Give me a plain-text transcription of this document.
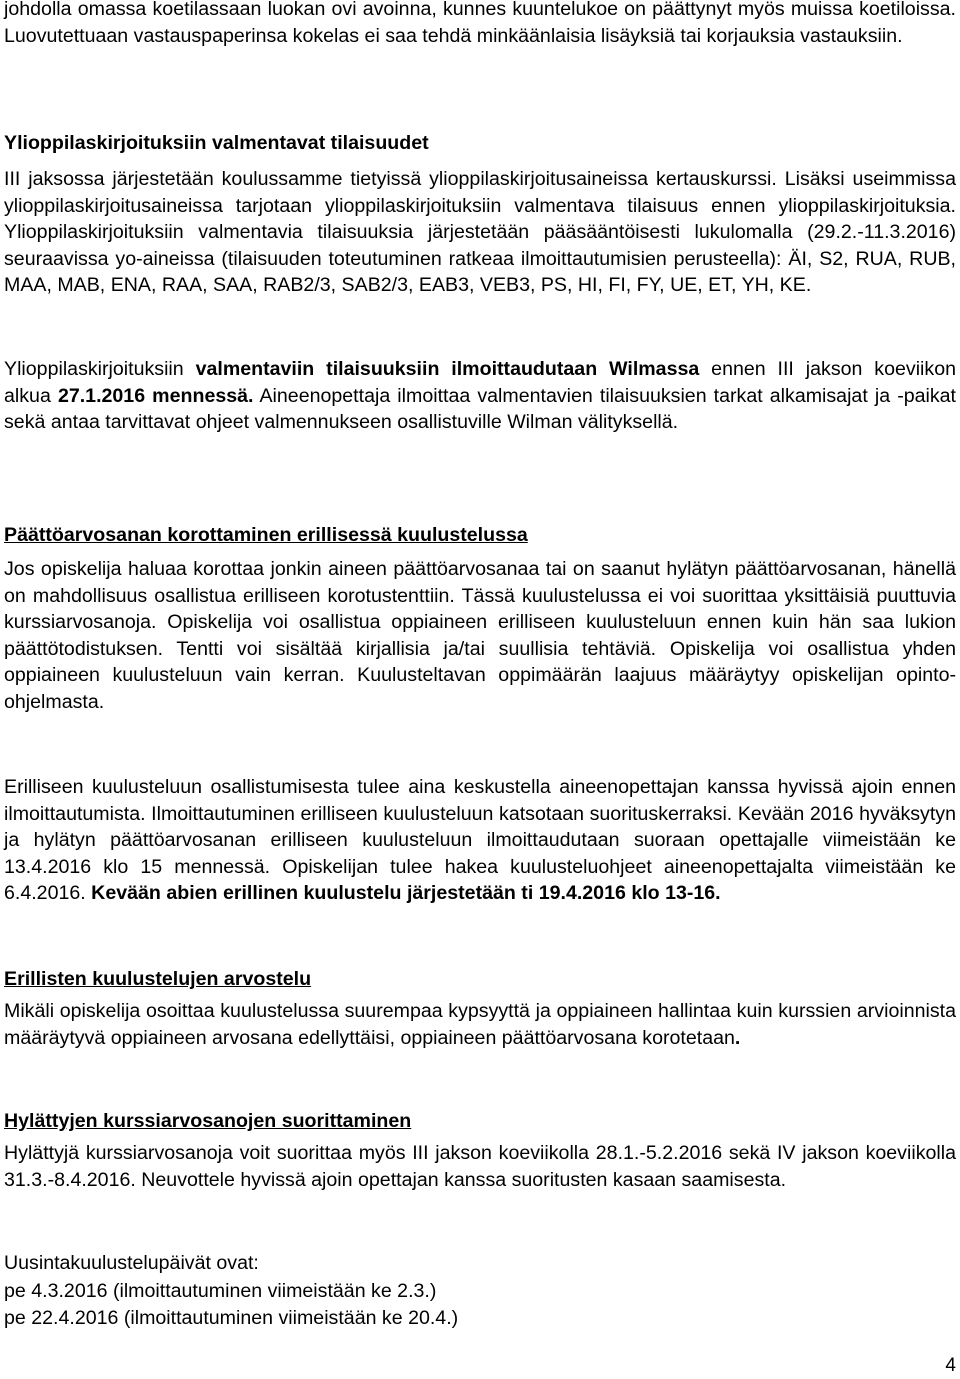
johdolla omassa koetilassaan luokan ovi avoinna, kunnes kuuntelukoe on päättynyt myös muissa koetiloissa. Luovutettuaan vastauspaperinsa kokelas ei saa tehdä minkäänlaisia lisäyksiä tai korjauksia vastauksiin.

Ylioppilaskirjoituksiin valmentavat tilaisuudet

III jaksossa järjestetään koulussamme tietyissä ylioppilaskirjoitusaineissa kertauskurssi. Lisäksi useimmissa ylioppilaskirjoitusaineissa tarjotaan ylioppilaskirjoituksiin valmentava tilaisuus ennen ylioppilaskirjoituksia. Ylioppilaskirjoituksiin valmentavia tilaisuuksia järjestetään pääsääntöisesti lukulomalla (29.2.-11.3.2016) seuraavissa yo-aineissa (tilaisuuden toteutuminen ratkeaa ilmoittautumisien perusteella): ÄI, S2, RUA, RUB, MAA, MAB, ENA, RAA, SAA, RAB2/3, SAB2/3, EAB3, VEB3, PS, HI, FI, FY, UE, ET, YH, KE.

Ylioppilaskirjoituksiin valmentaviin tilaisuuksiin ilmoittaudutaan Wilmassa ennen III jakson koeviikon alkua 27.1.2016 mennessä. Aineenopettaja ilmoittaa valmentavien tilaisuuksien tarkat alkamisajat ja -paikat sekä antaa tarvittavat ohjeet valmennukseen osallistuville Wilman välityksellä.

Päättöarvosanan korottaminen erillisessä kuulustelussa

Jos opiskelija haluaa korottaa jonkin aineen päättöarvosanaa tai on saanut hylätyn päättöarvosanan, hänellä on mahdollisuus osallistua erilliseen korotustenttiin. Tässä kuulustelussa ei voi suorittaa yksittäisiä puuttuvia kurssiarvosanoja. Opiskelija voi osallistua oppiaineen erilliseen kuulusteluun ennen kuin hän saa lukion päättötodistuksen. Tentti voi sisältää kirjallisia ja/tai suullisia tehtäviä. Opiskelija voi osallistua yhden oppiaineen kuulusteluun vain kerran. Kuulusteltavan oppimäärän laajuus määräytyy opiskelijan opinto-ohjelmasta.

Erilliseen kuulusteluun osallistumisesta tulee aina keskustella aineenopettajan kanssa hyvissä ajoin ennen ilmoittautumista. Ilmoittautuminen erilliseen kuulusteluun katsotaan suorituskerraksi. Kevään 2016 hyväksytyn ja hylätyn päättöarvosanan erilliseen kuulusteluun ilmoittaudutaan suoraan opettajalle viimeistään ke 13.4.2016 klo 15 mennessä. Opiskelijan tulee hakea kuulusteluohjeet aineenopettajalta viimeistään ke 6.4.2016. Kevään abien erillinen kuulustelu järjestetään ti 19.4.2016 klo 13-16.

Erillisten kuulustelujen arvostelu

Mikäli opiskelija osoittaa kuulustelussa suurempaa kypsyyttä ja oppiaineen hallintaa kuin kurssien arvioinnista määräytyvä oppiaineen arvosana edellyttäisi, oppiaineen päättöarvosana korotetaan.

Hylättyjen kurssiarvosanojen suorittaminen

Hylättyjä kurssiarvosanoja voit suorittaa myös III jakson koeviikolla 28.1.-5.2.2016 sekä IV jakson koeviikolla 31.3.-8.4.2016. Neuvottele hyvissä ajoin opettajan kanssa suoritusten kasaan saamisesta.

Uusintakuulustelupäivät ovat:

pe 4.3.2016 (ilmoittautuminen viimeistään ke 2.3.)

pe 22.4.2016 (ilmoittautuminen viimeistään ke 20.4.)

4
